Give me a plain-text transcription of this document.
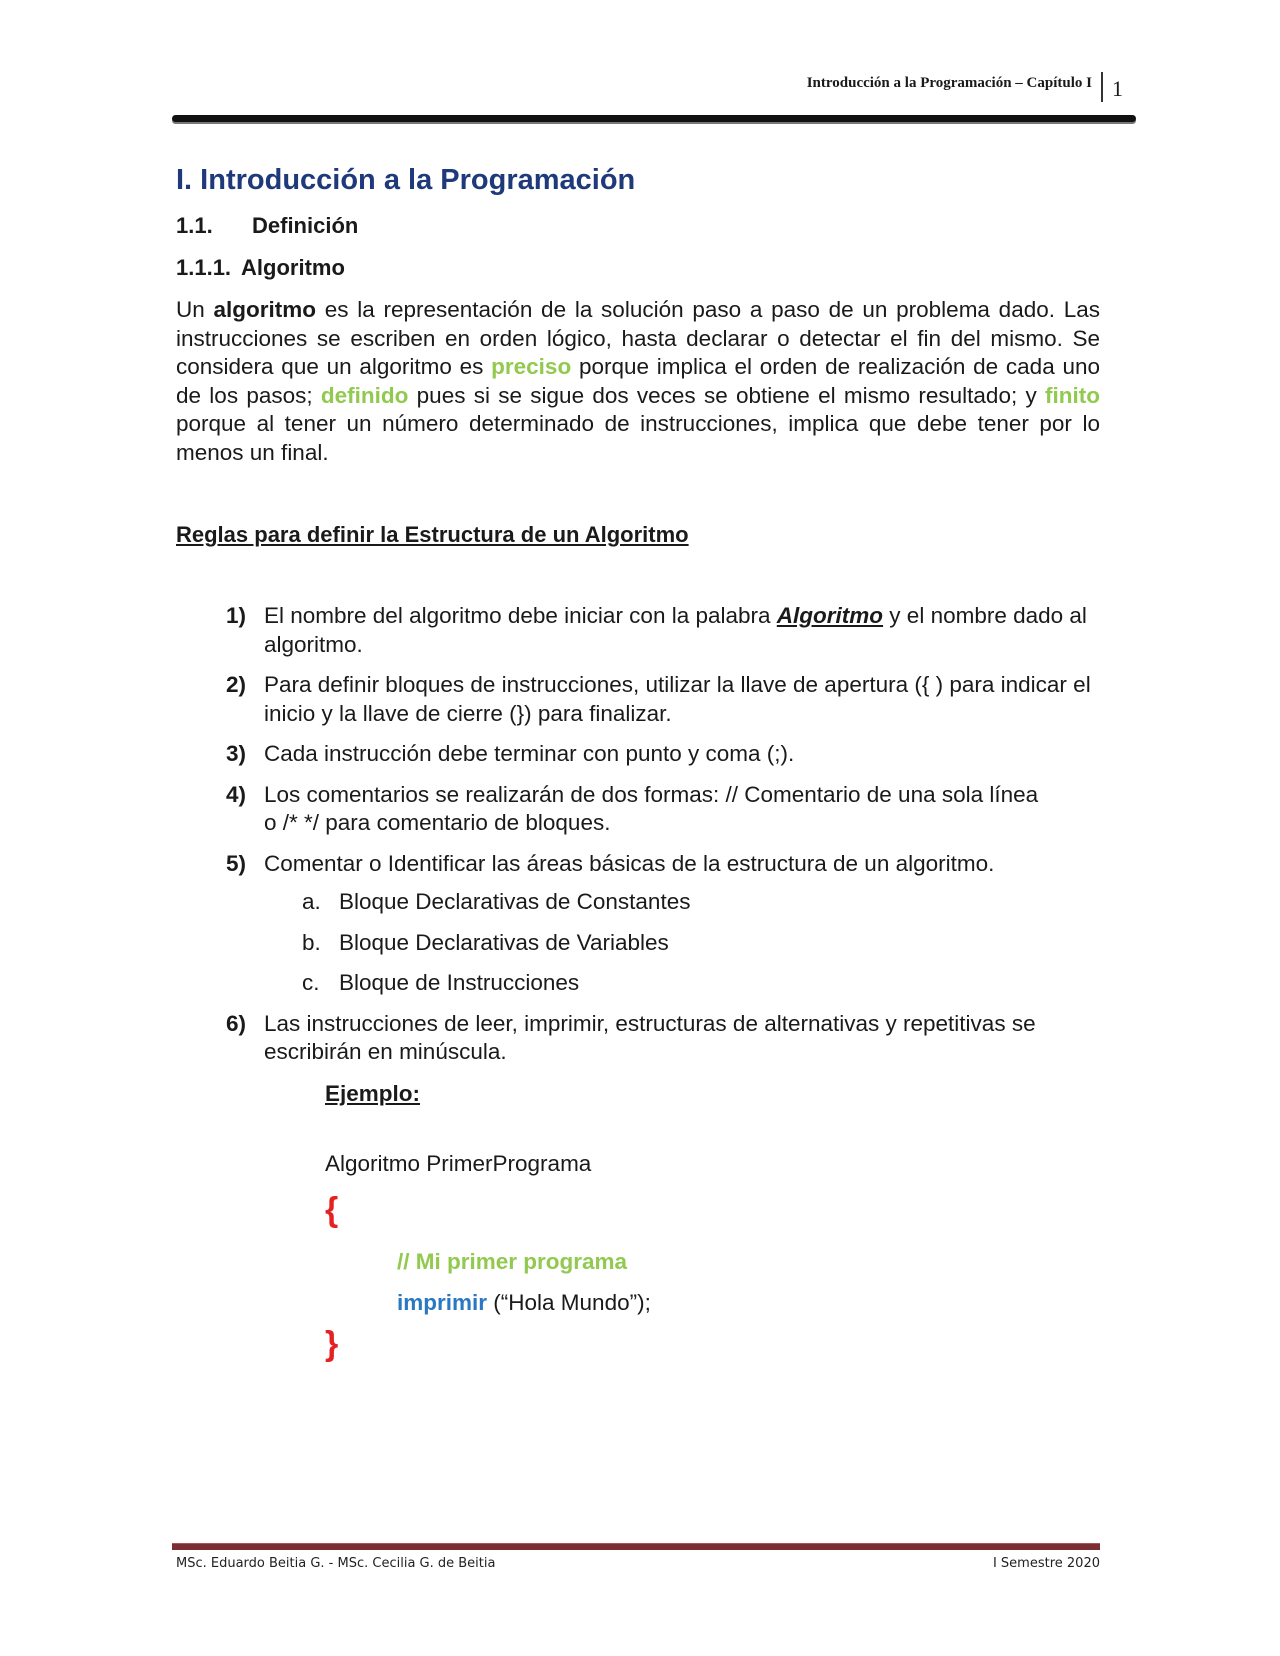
Introducción a la Programación – Capítulo I 1
I. Introducción a la Programación
1.1. Definición
1.1.1. Algoritmo

Un algoritmo es la representación de la solución paso a paso de un problema dado. Las instrucciones se escriben en orden lógico, hasta declarar o detectar el fin del mismo. Se considera que un algoritmo es preciso porque implica el orden de realización de cada uno de los pasos; definido pues si se sigue dos veces se obtiene el mismo resultado; y finito porque al tener un número determinado de instrucciones, implica que debe tener por lo menos un final.

Reglas para definir la Estructura de un Algoritmo
1) El nombre del algoritmo debe iniciar con la palabra Algoritmo y el nombre dado al algoritmo.
2) Para definir bloques de instrucciones, utilizar la llave de apertura ({ ) para indicar el inicio y la llave de cierre (}) para finalizar.
3) Cada instrucción debe terminar con punto y coma (;).
4) Los comentarios se realizarán de dos formas: // Comentario de una sola línea o /* */ para comentario de bloques.
5) Comentar o Identificar las áreas básicas de la estructura de un algoritmo.
a. Bloque Declarativas de Constantes
b. Bloque Declarativas de Variables
c. Bloque de Instrucciones
6) Las instrucciones de leer, imprimir, estructuras de alternativas y repetitivas se escribirán en minúscula.

Ejemplo:

Algoritmo PrimerPrograma
{
// Mi primer programa
imprimir (“Hola Mundo”);
}
MSc. Eduardo Beitia G. - MSc. Cecilia G. de Beitia	I Semestre 2020
